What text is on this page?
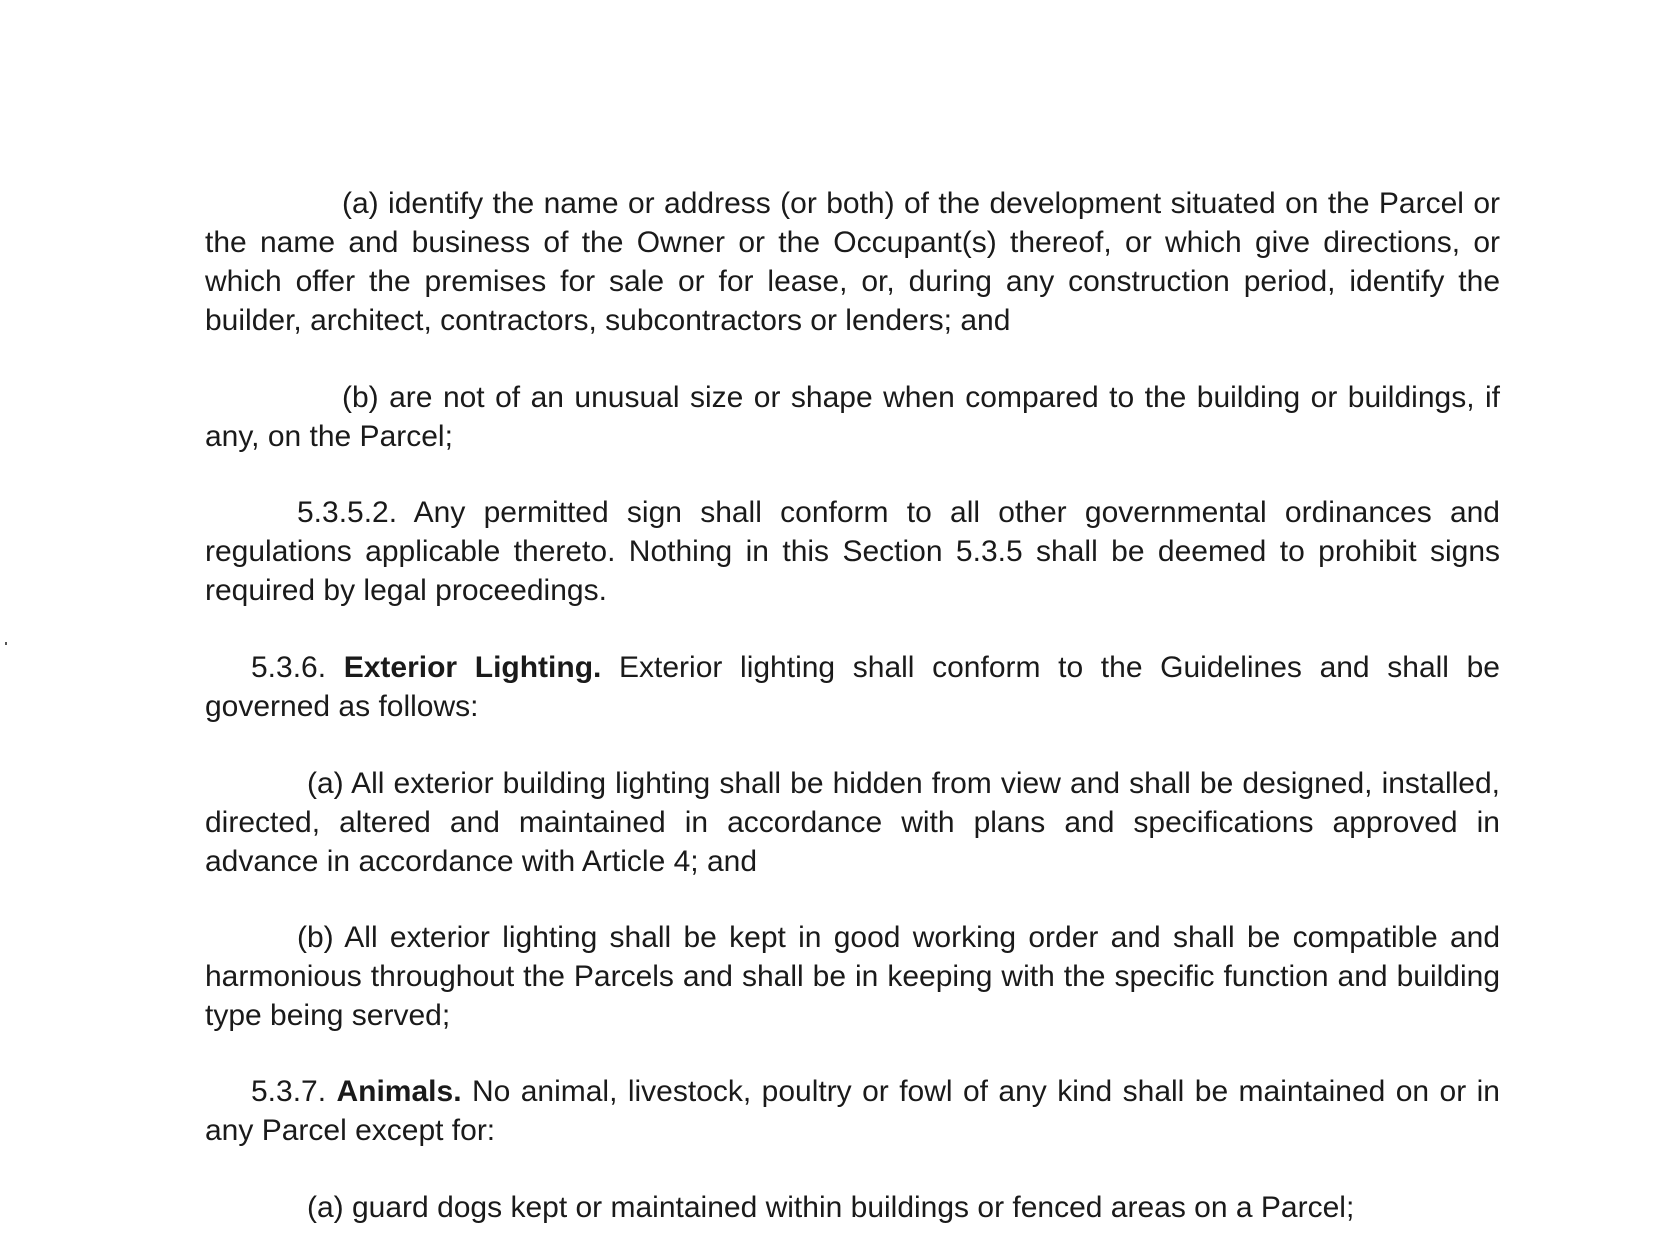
(a) identify the name or address (or both) of the development situated on the Parcel or the name and business of the Owner or the Occupant(s) thereof, or which give directions, or which offer the premises for sale or for lease, or, during any construction period, identify the builder, architect, contractors, subcontractors or lenders; and

(b) are not of an unusual size or shape when compared to the building or buildings, if any, on the Parcel;

5.3.5.2. Any permitted sign shall conform to all other governmental ordinances and regulations applicable thereto. Nothing in this Section 5.3.5 shall be deemed to prohibit signs required by legal proceedings.

5.3.6. Exterior Lighting. Exterior lighting shall conform to the Guidelines and shall be governed as follows:

(a) All exterior building lighting shall be hidden from view and shall be designed, installed, directed, altered and maintained in accordance with plans and specifications approved in advance in accordance with Article 4; and

(b) All exterior lighting shall be kept in good working order and shall be compatible and harmonious throughout the Parcels and shall be in keeping with the specific function and building type being served;

5.3.7. Animals. No animal, livestock, poultry or fowl of any kind shall be maintained on or in any Parcel except for:

(a) guard dogs kept or maintained within buildings or fenced areas on a Parcel;
